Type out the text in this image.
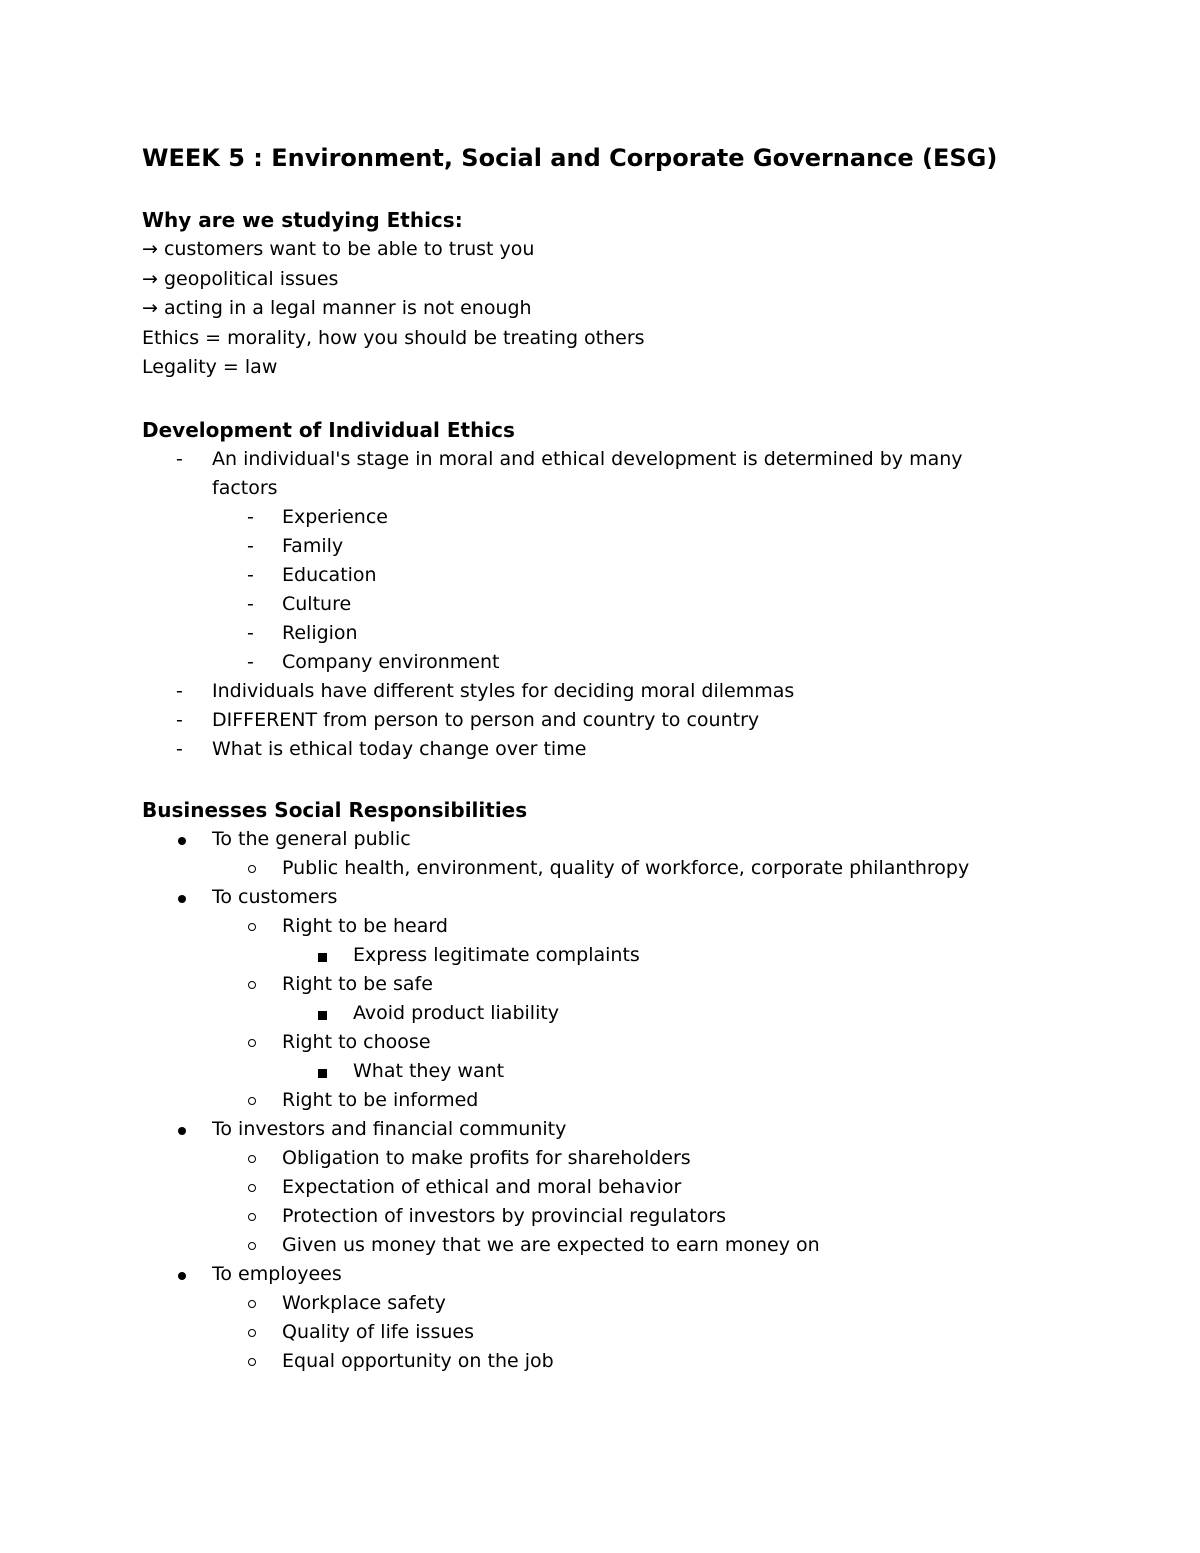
WEEK 5 : Environment, Social and Corporate Governance (ESG)
Why are we studying Ethics:
→ customers want to be able to trust you
→ geopolitical issues
→ acting in a legal manner is not enough
Ethics = morality, how you should be treating others
Legality = law
Development of Individual Ethics
- An individual's stage in moral and ethical development is determined by many factors
- Experience
- Family
- Education
- Culture
- Religion
- Company environment
- Individuals have different styles for deciding moral dilemmas
- DIFFERENT from person to person and country to country
- What is ethical today change over time
Businesses Social Responsibilities
To the general public
Public health, environment, quality of workforce, corporate philanthropy
To customers
Right to be heard
Express legitimate complaints
Right to be safe
Avoid product liability
Right to choose
What they want
Right to be informed
To investors and financial community
Obligation to make profits for shareholders
Expectation of ethical and moral behavior
Protection of investors by provincial regulators
Given us money that we are expected to earn money on
To employees
Workplace safety
Quality of life issues
Equal opportunity on the job
